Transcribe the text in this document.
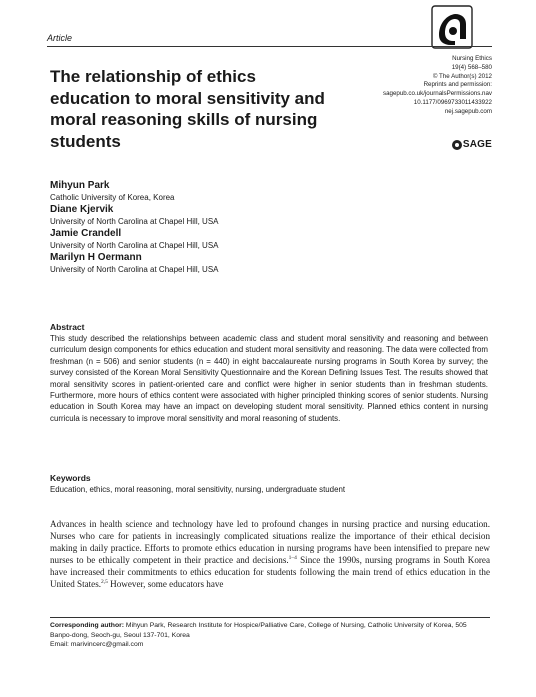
Article
Nursing Ethics
19(4) 568–580
© The Author(s) 2012
Reprints and permission:
sagepub.co.uk/journalsPermissions.nav
10.1177/0969733011433922
nej.sagepub.com
SAGE
The relationship of ethics education to moral sensitivity and moral reasoning skills of nursing students
Mihyun Park
Catholic University of Korea, Korea
Diane Kjervik
University of North Carolina at Chapel Hill, USA
Jamie Crandell
University of North Carolina at Chapel Hill, USA
Marilyn H Oermann
University of North Carolina at Chapel Hill, USA
Abstract

This study described the relationships between academic class and student moral sensitivity and reasoning and between curriculum design components for ethics education and student moral sensitivity and reasoning. The data were collected from freshman (n = 506) and senior students (n = 440) in eight baccalaureate nursing programs in South Korea by survey; the survey consisted of the Korean Moral Sensitivity Questionnaire and the Korean Defining Issues Test. The results showed that moral sensitivity scores in patient-oriented care and conflict were higher in senior students than in freshman students. Furthermore, more hours of ethics content were associated with higher principled thinking scores of senior students. Nursing education in South Korea may have an impact on developing student moral sensitivity. Planned ethics content in nursing curricula is necessary to improve moral sensitivity and moral reasoning of students.

Keywords

Education, ethics, moral reasoning, moral sensitivity, nursing, undergraduate student

Advances in health science and technology have led to profound changes in nursing practice and nursing education. Nurses who care for patients in increasingly complicated situations realize the importance of their ethical decision making in daily practice. Efforts to promote ethics education in nursing programs have been intensified to prepare new nurses to be ethically competent in their practice and decisions.$^{1-4}$ Since the 1990s, nursing programs in South Korea have increased their commitments to ethics education for students following the main trend of ethics education in the United States.$^{2,5}$ However, some educators have

Corresponding author: Mihyun Park, Research Institute for Hospice/Palliative Care, College of Nursing, Catholic University of Korea, 505 Banpo-dong, Seoch-gu, Seoul 137-701, Korea
Email: marivincerc@gmail.com
